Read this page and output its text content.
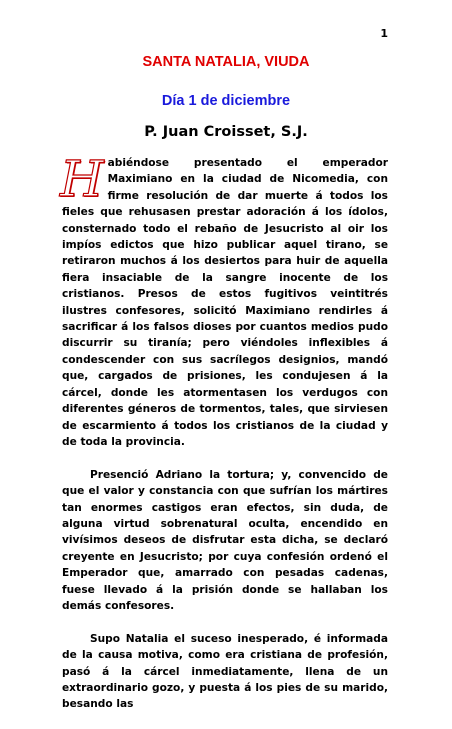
1
SANTA NATALIA, VIUDA
Día 1 de diciembre
P. Juan Croisset, S.J.

Habiéndose presentado el emperador Maximiano en la ciudad de Nicomedia, con firme resolución de dar muerte á todos los fieles que rehusasen prestar adoración á los ídolos, consternado todo el rebaño de Jesucristo al oir los impíos edictos que hizo publicar aquel tirano, se retiraron muchos á los desiertos para huir de aquella fiera insaciable de la sangre inocente de los cristianos. Presos de estos fugitivos veintitrés ilustres confesores, solicitó Maximiano rendirles á sacrificar á los falsos dioses por cuantos medios pudo discurrir su tiranía; pero viéndoles inflexibles á condescender con sus sacrílegos designios, mandó que, cargados de prisiones, les condujesen á la cárcel, donde les atormentasen los verdugos con diferentes géneros de tormentos, tales, que sirviesen de escarmiento á todos los cristianos de la ciudad y de toda la provincia.

Presenció Adriano la tortura; y, convencido de que el valor y constancia con que sufrían los mártires tan enormes castigos eran efectos, sin duda, de alguna virtud sobrenatural oculta, encendido en vivísimos deseos de disfrutar esta dicha, se declaró creyente en Jesucristo; por cuya confesión ordenó el Emperador que, amarrado con pesadas cadenas, fuese llevado á la prisión donde se hallaban los demás confesores.

Supo Natalia el suceso inesperado, é informada de la causa motiva, como era cristiana de profesión, pasó á la cárcel inmediatamente, llena de un extraordinario gozo, y puesta á los pies de su marido, besando las
